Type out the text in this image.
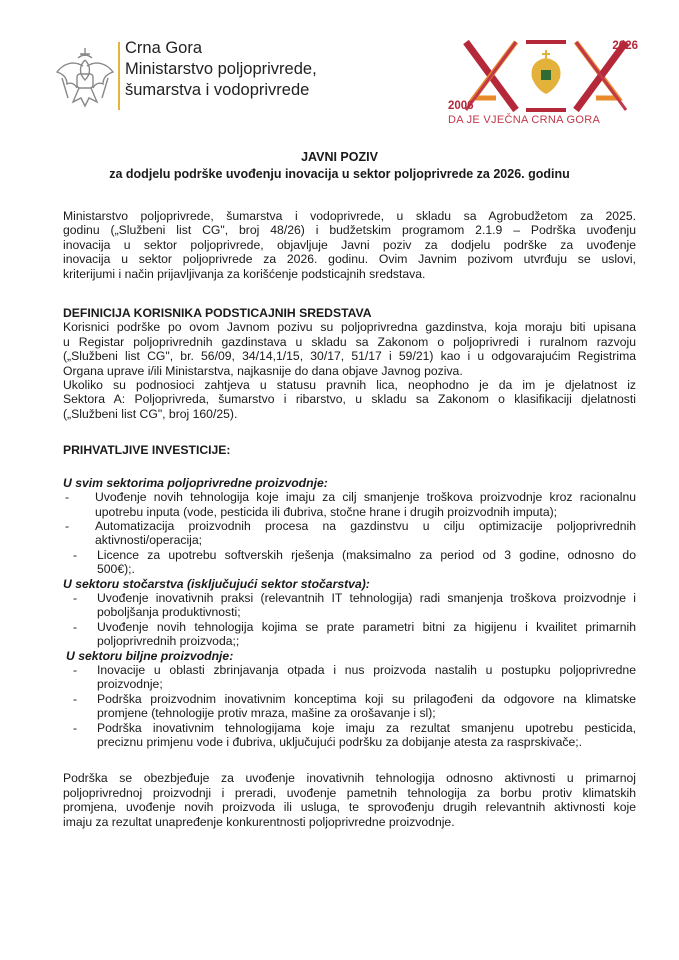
Crna Gora
Ministarstvo poljoprivrede,
šumarstva i vodoprivrede
2006
2026
DA JE VJEČNA CRNA GORA
JAVNI POZIV
za dodjelu podrške uvođenju inovacija u sektor poljoprivrede za 2026. godinu
Ministarstvo poljoprivrede, šumarstva i vodoprivrede, u skladu sa Agrobudžetom za 2025.
godinu („Službeni list CG", broj 48/26) i budžetskim programom 2.1.9 – Podrška uvođenju
inovacija u sektor poljoprivrede, objavljuje Javni poziv za dodjelu podrške za uvođenje
inovacija u sektor poljoprivrede za 2026. godinu. Ovim Javnim pozivom utvrđuju se uslovi,
kriterijumi i način prijavljivanja za korišćenje podsticajnih sredstava.
DEFINICIJA KORISNIKA PODSTICAJNIH SREDSTAVA
Korisnici podrške po ovom Javnom pozivu su poljoprivredna gazdinstva, koja moraju biti upisana
u Registar poljoprivrednih gazdinstava u skladu sa Zakonom o poljoprivredi i ruralnom razvoju
(„Službeni list CG", br. 56/09, 34/14,1/15, 30/17, 51/17 i 59/21) kao i u odgovarajućim Registrima
Organa uprave i/ili Ministarstva, najkasnije do dana objave Javnog poziva.
Ukoliko su podnosioci zahtjeva u statusu pravnih lica, neophodno je da im je djelatnost iz
Sektora A: Poljoprivreda, šumarstvo i ribarstvo, u skladu sa Zakonom o klasifikaciji djelatnosti
(„Službeni list CG", broj 160/25).
PRIHVATLJIVE INVESTICIJE:
U svim sektorima poljoprivredne proizvodnje:
- Uvođenje novih tehnologija koje imaju za cilj smanjenje troškova proizvodnje kroz racionalnu
upotrebu inputa (vode, pesticida ili đubriva, stočne hrane i drugih proizvodnih imputa);
- Automatizacija proizvodnih procesa na gazdinstvu u cilju optimizacije poljoprivrednih
aktivnosti/operacija;
- Licence za upotrebu softverskih rješenja (maksimalno za period od 3 godine, odnosno do
500€);.
U sektoru stočarstva (isključujući sektor stočarstva):
- Uvođenje inovativnih praksi (relevantnih IT tehnologija) radi smanjenja troškova proizvodnje i
poboljšanja produktivnosti;
- Uvođenje novih tehnologija kojima se prate parametri bitni za higijenu i kvailitet primarnih
poljoprivrednih proizvoda;;
U sektoru biljne proizvodnje:
- Inovacije u oblasti zbrinjavanja otpada i nus proizvoda nastalih u postupku poljoprivredne
proizvodnje;
- Podrška proizvodnim inovativnim konceptima koji su prilagođeni da odgovore na klimatske
promjene (tehnologije protiv mraza, mašine za orošavanje i sl);
- Podrška inovativnim tehnologijama koje imaju za rezultat smanjenu upotrebu pesticida,
preciznu primjenu vode i đubriva, uključujući podršku za dobijanje atesta za rasprskivače;.
Podrška se obezbjeđuje za uvođenje inovativnih tehnologija odnosno aktivnosti u primarnoj
poljoprivrednoj proizvodnji i preradi, uvođenje pametnih tehnologija za borbu protiv klimatskih
promjena, uvođenje novih proizvoda ili usluga, te sprovođenju drugih relevantnih aktivnosti koje
imaju za rezultat unapređenje konkurentnosti poljoprivredne proizvodnje.
